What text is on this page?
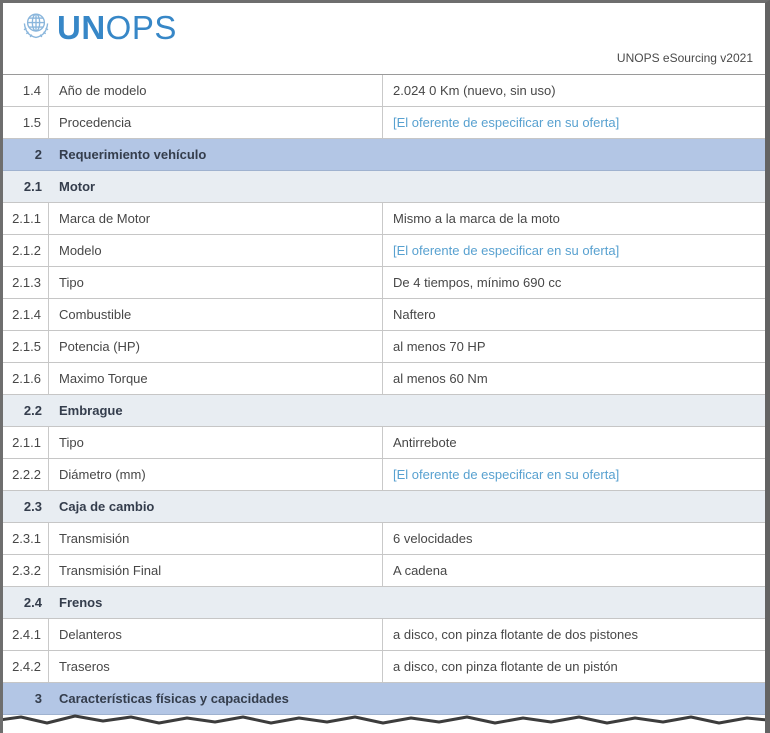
UNOPS
UNOPS eSourcing v2021
1.4	Año de modelo	2.024 0 Km (nuevo, sin uso)
1.5	Procedencia	[El oferente de especificar en su oferta]
2	Requerimiento vehículo
2.1	Motor
2.1.1	Marca de Motor	Mismo a la marca de la moto
2.1.2	Modelo	[El oferente de especificar en su oferta]
2.1.3	Tipo	De 4 tiempos, mínimo 690 cc
2.1.4	Combustible	Naftero
2.1.5	Potencia (HP)	al menos 70 HP
2.1.6	Maximo Torque	al menos 60 Nm
2.2	Embrague
2.1.1	Tipo	Antirrebote
2.2.2	Diámetro (mm)	[El oferente de especificar en su oferta]
2.3	Caja de cambio
2.3.1	Transmisión	6 velocidades
2.3.2	Transmisión Final	A cadena
2.4	Frenos
2.4.1	Delanteros	a disco, con pinza flotante de dos pistones
2.4.2	Traseros	a disco, con pinza flotante de un pistón
3	Características físicas y capacidades
